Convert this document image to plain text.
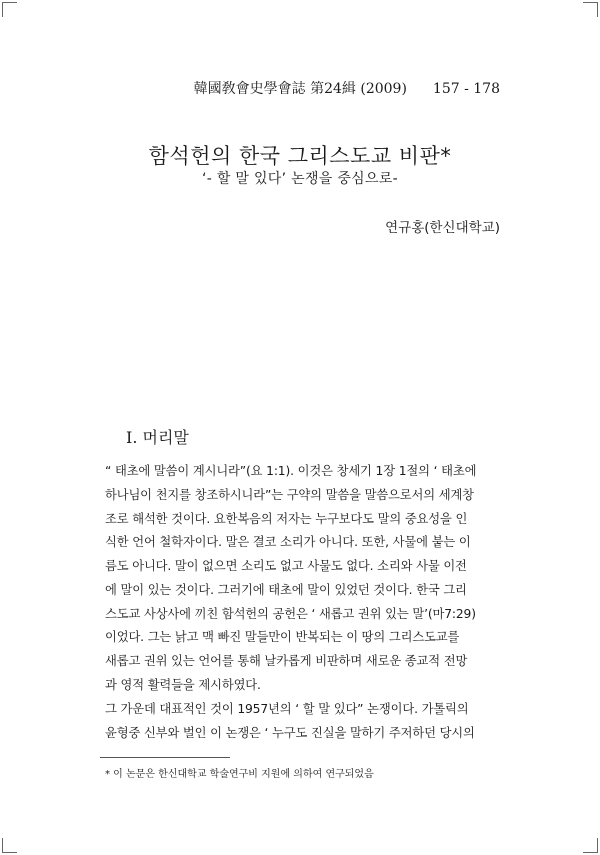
韓國敎會史學會誌 第24緝 (2009) 157 - 178
함석헌의 한국 그리스도교 비판*
‘- 할 말 있다’ 논쟁을 중심으로-
연규홍(한신대학교)
I. 머리말
“ 태초에 말씀이 계시니라”(요 1:1). 이것은 창세기 1장 1절의 ‘ 태초에
하나님이 천지를 창조하시니라”는 구약의 말씀을 말씀으로서의 세계창
조로 해석한 것이다. 요한복음의 저자는 누구보다도 말의 중요성을 인
식한 언어 철학자이다. 말은 결코 소리가 아니다. 또한, 사물에 붙는 이
름도 아니다. 말이 없으면 소리도 없고 사물도 없다. 소리와 사물 이전
에 말이 있는 것이다. 그러기에 태초에 말이 있었던 것이다. 한국 그리
스도교 사상사에 끼친 함석헌의 공헌은 ‘ 새롭고 권위 있는 말’(마7:29)
이었다. 그는 낡고 맥 빠진 말들만이 반복되는 이 땅의 그리스도교를
새롭고 권위 있는 언어를 통해 날카롭게 비판하며 새로운 종교적 전망
과 영적 활력들을 제시하였다.
그 가운데 대표적인 것이 1957년의 ‘ 할 말 있다” 논쟁이다. 가톨릭의
윤형중 신부와 벌인 이 논쟁은 ‘ 누구도 진실을 말하기 주저하던 당시의
* 이 논문은 한신대학교 학술연구비 지원에 의하여 연구되었음
